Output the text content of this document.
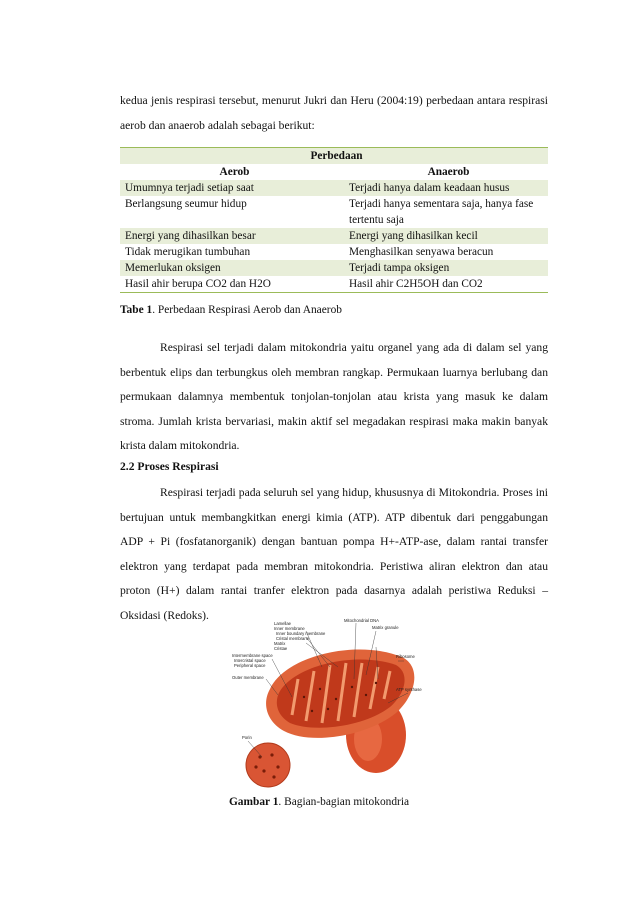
kedua jenis respirasi tersebut, menurut Jukri dan Heru (2004:19) perbedaan antara respirasi aerob dan anaerob adalah sebagai berikut:

Perbedaan	
Aerob	Anaerob
Umumnya terjadi setiap saat	Terjadi hanya dalam keadaan husus
Berlangsung seumur hidup	Terjadi hanya sementara saja, hanya fase tertentu saja
Energi yang dihasilkan besar	Energi yang dihasilkan kecil
Tidak merugikan tumbuhan	Menghasilkan senyawa beracun
Memerlukan oksigen	Terjadi tampa oksigen
Hasil ahir berupa CO2 dan H2O	Hasil ahir C2H5OH dan CO2
Tabe 1. Perbedaan Respirasi Aerob dan Anaerob

Respirasi sel terjadi dalam mitokondria yaitu organel yang ada di dalam sel yang berbentuk elips dan terbungkus oleh membran rangkap. Permukaan luarnya berlubang dan permukaan dalamnya membentuk tonjolan-tonjolan atau krista yang masuk ke dalam stroma. Jumlah krista bervariasi, makin aktif sel megadakan respirasi maka makin banyak krista dalam mitokondria.

2.2 Proses Respirasi

Respirasi terjadi pada seluruh sel yang hidup, khususnya di Mitokondria. Proses ini bertujuan untuk membangkitkan energi kimia (ATP). ATP dibentuk dari penggabungan ADP + Pi (fosfatanorganik) dengan bantuan pompa H+-ATP-ase, dalam rantai transfer elektron yang terdapat pada membran mitokondria. Peristiwa aliran elektron dan atau proton (H+) dalam rantai tranfer elektron pada dasarnya adalah peristiwa Reduksi – Oksidasi (Redoks).

Lamellae
Inner membrane
Inner boundary membrane
Cristal membrane
Matrix
Cristae
Mitochondrial DNA
Matrix granule
Ribosome
Intermembrane space
Intercristal space
Peripheral space
Outer membrane
ATP synthase
Porin
Gambar 1. Bagian-bagian mitokondria
